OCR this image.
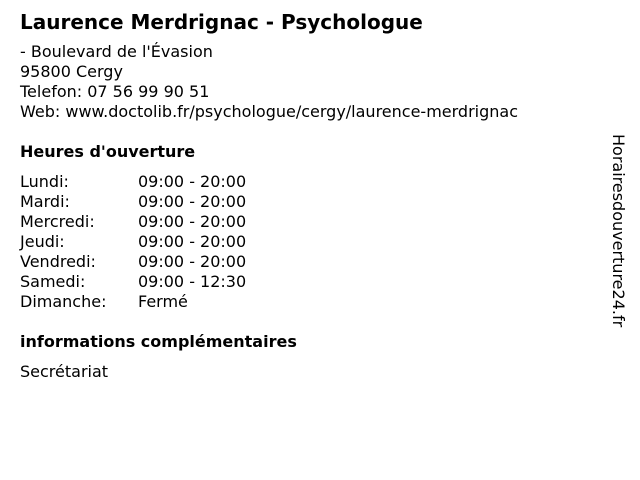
Laurence Merdrignac - Psychologue
- Boulevard de l'Évasion
95800 Cergy
Telefon: 07 56 99 90 51
Web: www.doctolib.fr/psychologue/cergy/laurence-merdrignac
Heures d'ouverture
Lundi:	09:00 - 20:00
Mardi:	09:00 - 20:00
Mercredi:	09:00 - 20:00
Jeudi:	09:00 - 20:00
Vendredi:	09:00 - 20:00
Samedi:	09:00 - 12:30
Dimanche:	Fermé
informations complémentaires
Secrétariat
Horairesdouverture24.fr
